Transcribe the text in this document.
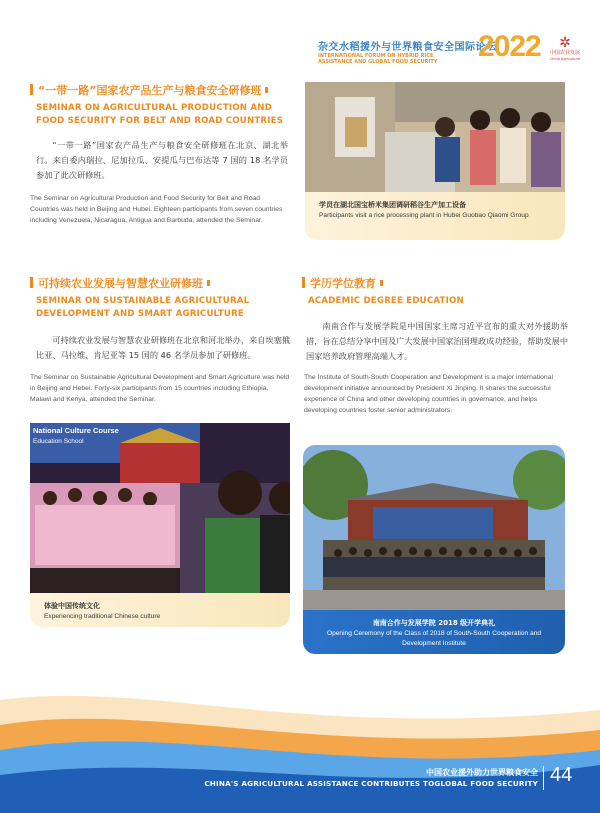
杂交水稻援外与世界粮食安全国际论坛
INTERNATIONAL FORUM ON HYBRID RICE ASSISTANCE AND GLOBAL FOOD SECURITY	2022 ✲
中国农业发展
China Agriculture
“一带一路”国家农产品生产与粮食安全研修班
SEMINAR ON AGRICULTURAL PRODUCTION AND FOOD SECURITY FOR BELT AND ROAD COUNTRIES
“一带一路”国家农产品生产与粮食安全研修班在北京、湖北举行。来自委内瑞拉、尼加拉瓜、安提瓜与巴布达等 7 国的 18 名学员参加了此次研修班。
The Seminar on Agricultural Production and Food Security for Belt and Road Countries was held in Beijing and Hubei. Eighteen participants from seven countries including Venezuela, Nicaragua, Antigua and Barbuda, attended the Seminar.
学员在湖北国宝桥米集团调研稻谷生产加工设备
Participants visit a rice processing plant in Hubei Guobao Qiaomi Group
可持续农业发展与智慧农业研修班
SEMINAR ON SUSTAINABLE AGRICULTURAL DEVELOPMENT AND SMART AGRICULTURE
可持续农业发展与智慧农业研修班在北京和河北举办，来自埃塞俄比亚、马拉维、肯尼亚等 15 国的 46 名学员参加了研修班。
The Seminar on Sustainable Agricultural Development and Smart Agriculture was held in Beijing and Hebei. Forty-six participants from 15 countries including Ethiopia, Malawi and Kenya, attended the Seminar.
National Culture Course
Education School
体验中国传统文化
Experiencing traditional Chinese culture
学历学位教育
ACADEMIC DEGREE EDUCATION
南南合作与发展学院是中国国家主席习近平宣布的重大对外援助举措，旨在总结分享中国及广大发展中国家治国理政成功经验，帮助发展中国家培养政府管理高端人才。
The Institute of South-South Cooperation and Development is a major international development initiative announced by President Xi Jinping. It shares the successful experience of China and other developing countries in governance, and helps developing countries foster senior administrators.
南南合作与发展学院 2018 级开学典礼
Opening Ceremony of the Class of 2018 of South-South Cooperation and Development Institute
中国农业援外助力世界粮食安全
CHINA'S AGRICULTURAL ASSISTANCE CONTRIBUTES TOGLOBAL FOOD SECURITY 44
